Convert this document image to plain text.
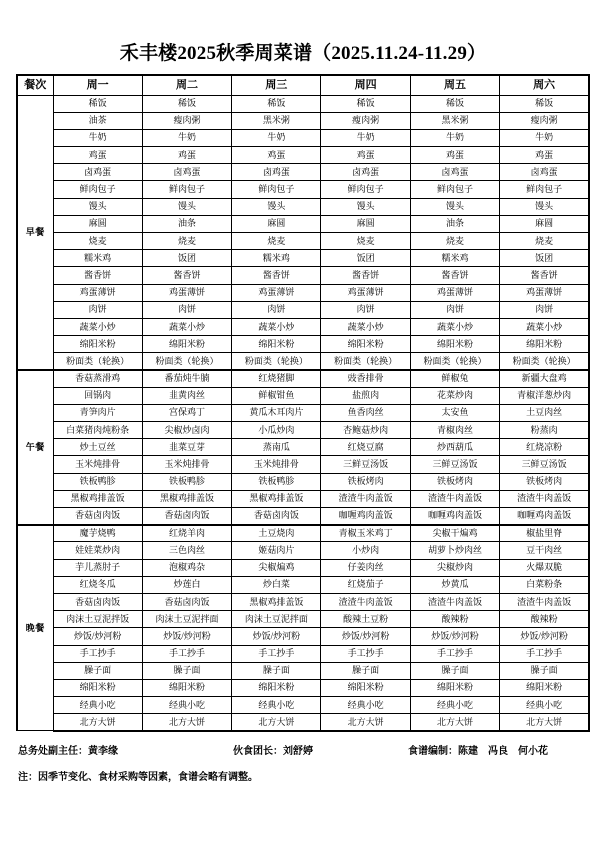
禾丰楼2025秋季周菜谱（2025.11.24-11.29）
餐次	周一	周二	周三	周四	周五	周六
早餐	稀饭	稀饭	稀饭	稀饭	稀饭	稀饭
	油茶	瘦肉粥	黑米粥	瘦肉粥	黑米粥	瘦肉粥
	牛奶	牛奶	牛奶	牛奶	牛奶	牛奶
	鸡蛋	鸡蛋	鸡蛋	鸡蛋	鸡蛋	鸡蛋
	卤鸡蛋	卤鸡蛋	卤鸡蛋	卤鸡蛋	卤鸡蛋	卤鸡蛋
	鲜肉包子	鲜肉包子	鲜肉包子	鲜肉包子	鲜肉包子	鲜肉包子
	馒头	馒头	馒头	馒头	馒头	馒头
	麻圆	油条	麻圆	麻圆	油条	麻圆
	烧麦	烧麦	烧麦	烧麦	烧麦	烧麦
	糯米鸡	饭团	糯米鸡	饭团	糯米鸡	饭团
	酱香饼	酱香饼	酱香饼	酱香饼	酱香饼	酱香饼
	鸡蛋薄饼	鸡蛋薄饼	鸡蛋薄饼	鸡蛋薄饼	鸡蛋薄饼	鸡蛋薄饼
	肉饼	肉饼	肉饼	肉饼	肉饼	肉饼
	蔬菜小炒	蔬菜小炒	蔬菜小炒	蔬菜小炒	蔬菜小炒	蔬菜小炒
	绵阳米粉	绵阳米粉	绵阳米粉	绵阳米粉	绵阳米粉	绵阳米粉
	粉面类（轮换）	粉面类（轮换）	粉面类（轮换）	粉面类（轮换）	粉面类（轮换）	粉面类（轮换）
午餐	香菇蒸滑鸡	番茄炖牛腩	红烧猪脚	豉香排骨	鲜椒兔	新疆大盘鸡
	回锅肉	韭黄肉丝	鲜椒钳鱼	盐煎肉	花菜炒肉	青椒洋葱炒肉
	青笋肉片	宫保鸡丁	黄瓜木耳肉片	鱼香肉丝	太安鱼	土豆肉丝
	白菜猪肉炖粉条	尖椒炒卤肉	小瓜炒肉	杏鲍菇炒肉	青椒肉丝	粉蒸肉
	炒土豆丝	韭菜豆芽	蒸南瓜	红烧豆腐	炒西葫瓜	红烧凉粉
	玉米炖排骨	玉米炖排骨	玉米炖排骨	三鲜豆汤饭	三鲜豆汤饭	三鲜豆汤饭
	铁板鸭胗	铁板鸭胗	铁板鸭胗	铁板烤肉	铁板烤肉	铁板烤肉
	黑椒鸡排盖饭	黑椒鸡排盖饭	黑椒鸡排盖饭	渣渣牛肉盖饭	渣渣牛肉盖饭	渣渣牛肉盖饭
	香菇卤肉饭	香菇卤肉饭	香菇卤肉饭	咖喱鸡肉盖饭	咖喱鸡肉盖饭	咖喱鸡肉盖饭
晚餐	魔芋烧鸭	红烧羊肉	土豆烧肉	青椒玉米鸡丁	尖椒干煸鸡	椒盐里脊
	娃娃菜炒肉	三色肉丝	姬菇肉片	小炒肉	胡萝卜炒肉丝	豆干肉丝
	芋儿蒸肘子	泡椒鸡杂	尖椒煸鸡	仔姜肉丝	尖椒炒肉	火爆双脆
	红烧冬瓜	炒莲白	炒白菜	红烧茄子	炒黄瓜	白菜粉条
	香菇卤肉饭	香菇卤肉饭	黑椒鸡排盖饭	渣渣牛肉盖饭	渣渣牛肉盖饭	渣渣牛肉盖饭
	肉沫土豆泥拌饭	肉沫土豆泥拌面	肉沫土豆泥拌面	酸辣土豆粉	酸辣粉	酸辣粉
	炒饭/炒河粉	炒饭/炒河粉	炒饭/炒河粉	炒饭/炒河粉	炒饭/炒河粉	炒饭/炒河粉
	手工抄手	手工抄手	手工抄手	手工抄手	手工抄手	手工抄手
	臊子面	臊子面	臊子面	臊子面	臊子面	臊子面
	绵阳米粉	绵阳米粉	绵阳米粉	绵阳米粉	绵阳米粉	绵阳米粉
	经典小吃	经典小吃	经典小吃	经典小吃	经典小吃	经典小吃
	北方大饼	北方大饼	北方大饼	北方大饼	北方大饼	北方大饼
总务处副主任：黄李缘	伙食团长：刘舒婷	食谱编制：陈建　冯良　何小花
注：因季节变化、食材采购等因素，食谱会略有调整。
